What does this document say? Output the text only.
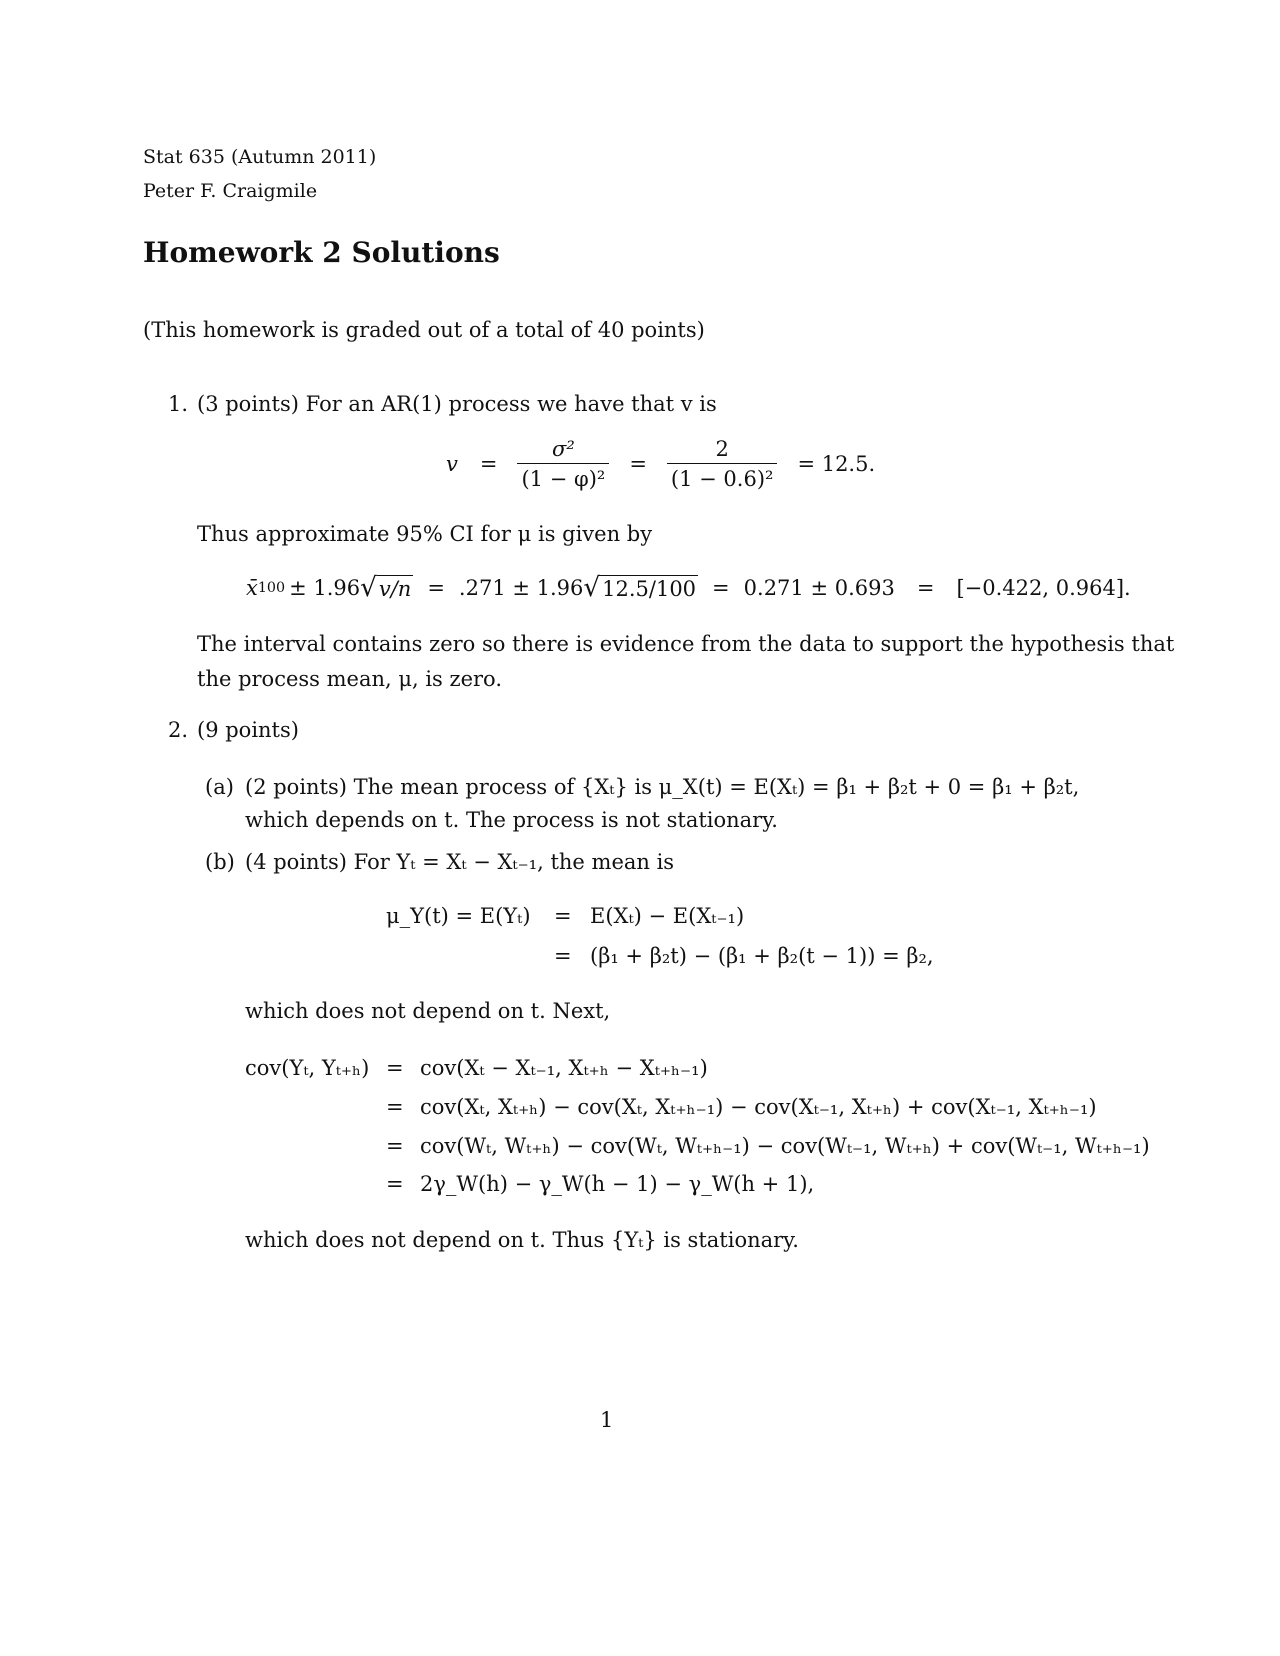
Stat 635 (Autumn 2011)
Peter F. Craigmile
Homework 2 Solutions
(This homework is graded out of a total of 40 points)
1. (3 points) For an AR(1) process we have that v is
$v = \frac{\text{σ²}}{\text{(1 − φ)²}} = \frac{2}{\text{(1 − 0.6)²}} = 12.5$.
Thus approximate 95% CI for μ is given by
x̄ 100 ± 1.96 √ v/n = .271 ± 1.96 √ 12.5/100 = 0.271 ± 0.693 = [−0.422, 0.964].
The interval contains zero so there is evidence from the data to support the hypothesis that
the process mean, μ, is zero.
2. (9 points)
(a) (2 points) The mean process of {Xₜ} is μ_X(t) = E(Xₜ) = β₁ + β₂t + 0 = β₁ + β₂t,
which depends on t. The process is not stationary.
(b) (4 points) For Yₜ = Xₜ − Xₜ₋₁, the mean is
μ_Y(t) = E(Yₜ) = E(Xₜ) − E(Xₜ₋₁)
= (β₁ + β₂t) − (β₁ + β₂(t − 1)) = β₂,
which does not depend on t. Next,
cov(Yₜ, Yₜ₊ₕ) = cov(Xₜ − Xₜ₋₁, Xₜ₊ₕ − Xₜ₊ₕ₋₁)
= cov(Xₜ, Xₜ₊ₕ) − cov(Xₜ, Xₜ₊ₕ₋₁) − cov(Xₜ₋₁, Xₜ₊ₕ) + cov(Xₜ₋₁, Xₜ₊ₕ₋₁)
= cov(Wₜ, Wₜ₊ₕ) − cov(Wₜ, Wₜ₊ₕ₋₁) − cov(Wₜ₋₁, Wₜ₊ₕ) + cov(Wₜ₋₁, Wₜ₊ₕ₋₁)
= 2γ_W(h) − γ_W(h − 1) − γ_W(h + 1),
which does not depend on t. Thus {Yₜ} is stationary.
1
